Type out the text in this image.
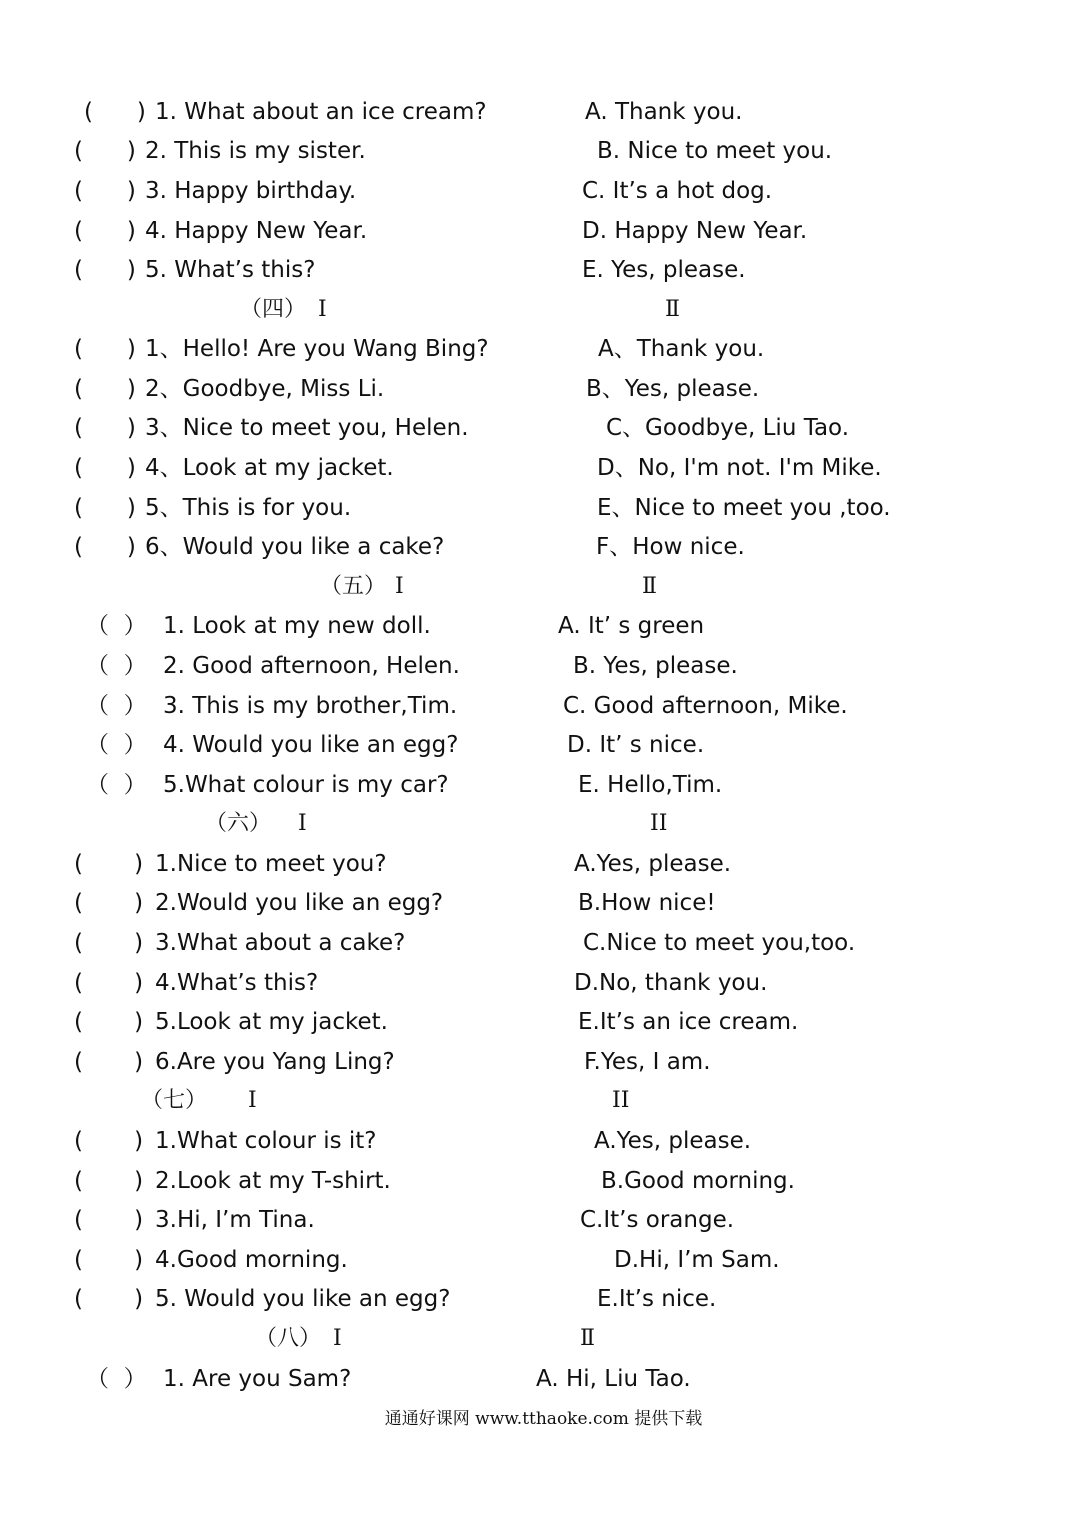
(      ) 1. What about an ice cream?	A. Thank you.
(      ) 2. This is my sister.	B. Nice to meet you.
(      ) 3. Happy birthday.	C. It’s a hot dog.
(      ) 4. Happy New Year.	D. Happy New Year.
(      ) 5. What’s this?	E. Yes, please.
（四） Ⅰ	Ⅱ
(      ) 1、Hello! Are you Wang Bing?	A、Thank you.
(      ) 2、Goodbye, Miss Li.	B、Yes, please.
(      ) 3、Nice to meet you, Helen.	C、Goodbye, Liu Tao.
(      ) 4、Look at my jacket.	D、No, I'm not. I'm Mike.
(      ) 5、This is for you.	E、Nice to meet you ,too.
(      ) 6、Would you like a cake?	F、How nice.
（五） Ⅰ	Ⅱ
（  ） 1. Look at my new doll.	A. It’ s green
（  ） 2. Good afternoon, Helen.	B. Yes, please.
（  ） 3. This is my brother,Tim.	C. Good afternoon, Mike.
（  ） 4. Would you like an egg?	D. It’ s nice.
（  ） 5.What colour is my car?	E. Hello,Tim.
（六） I	II
(       ) 1.Nice to meet you?	A.Yes, please.
(       ) 2.Would you like an egg?	B.How nice!
(       ) 3.What about a cake?	C.Nice to meet you,too.
(       ) 4.What’s this?	D.No, thank you.
(       ) 5.Look at my jacket.	E.It’s an ice cream.
(       ) 6.Are you Yang Ling?	F.Yes, I am.
（七） I	II
(       ) 1.What colour is it?	A.Yes, please.
(       ) 2.Look at my T-shirt.	B.Good morning.
(       ) 3.Hi, I’m Tina.	C.It’s orange.
(       ) 4.Good morning.	D.Hi, I’m Sam.
(       ) 5. Would you like an egg?	E.It’s nice.
（八） Ⅰ	Ⅱ
（  ） 1. Are you Sam?	A. Hi, Liu Tao.
通通好课网 www.tthaoke.com 提供下载
